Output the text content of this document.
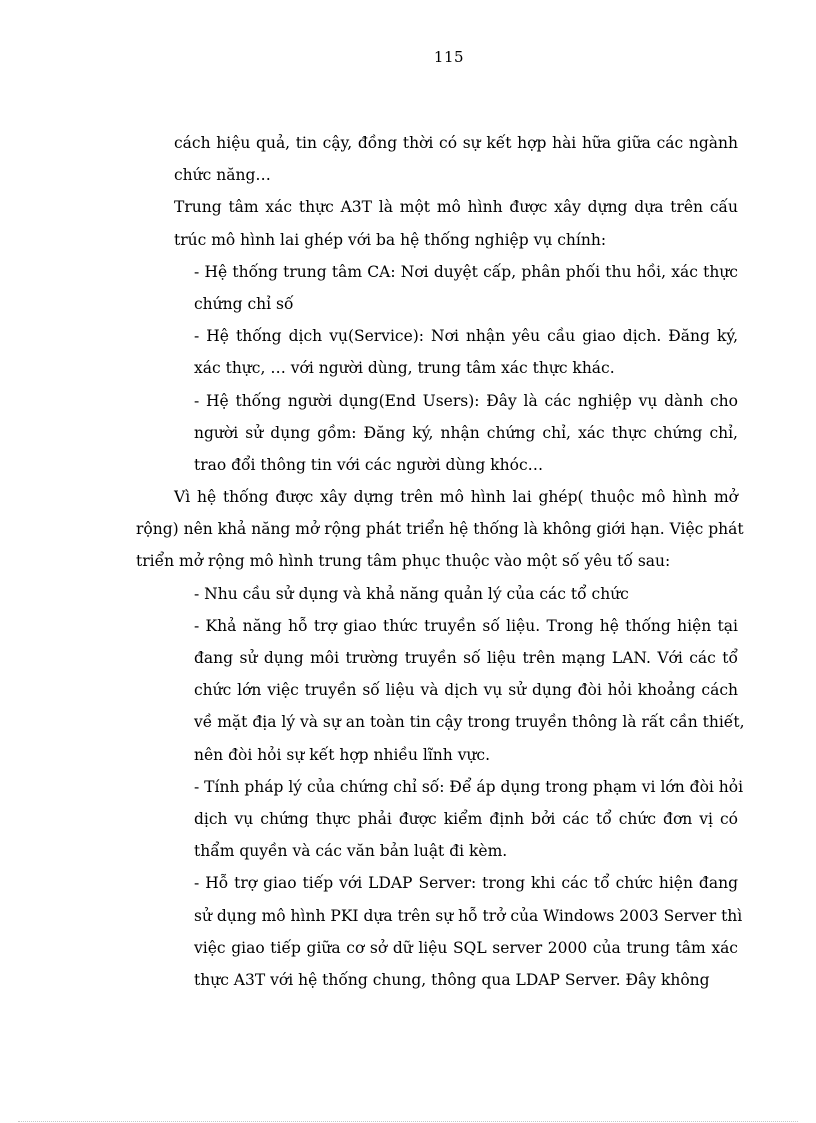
115
cách hiệu quả, tin cậy, đồng thời có sự kết hợp hài hữa giữa các ngành
chức năng…
Trung tâm xác thực A3T là một mô hình được xây dựng dựa trên cấu
trúc mô hình lai ghép với ba hệ thống nghiệp vụ chính:
- Hệ thống trung tâm CA: Nơi duyệt cấp, phân phối thu hồi, xác thực
chứng chỉ số
- Hệ thống dịch vụ(Service): Nơi nhận yêu cầu giao dịch. Đăng ký,
xác thực, … với người dùng, trung tâm xác thực khác.
- Hệ thống người dụng(End Users): Đây là các nghiệp vụ dành cho
người sử dụng gồm: Đăng ký, nhận chứng chỉ, xác thực chứng chỉ,
trao đổi thông tin với các người dùng khóc…
Vì hệ thống được xây dựng trên mô hình lai ghép( thuộc mô hình mở
rộng) nên khả năng mở rộng phát triển hệ thống là không giới hạn. Việc phát
triển mở rộng mô hình trung tâm phục thuộc vào một số yêu tố sau:
- Nhu cầu sử dụng và khả năng quản lý của các tổ chức
- Khả năng hỗ trợ giao thức truyền số liệu. Trong hệ thống hiện tại
đang sử dụng môi trường truyền số liệu trên mạng LAN. Với các tổ
chức lớn việc truyền số liệu và dịch vụ sử dụng đòi hỏi khoảng cách
về mặt địa lý và sự an toàn tin cậy trong truyền thông là rất cần thiết,
nên đòi hỏi sự kết hợp nhiều lĩnh vực.
- Tính pháp lý của chứng chỉ số: Để áp dụng trong phạm vi lớn đòi hỏi
dịch vụ chứng thực phải được kiểm định bởi các tổ chức đơn vị có
thẩm quyền và các văn bản luật đi kèm.
- Hỗ trợ giao tiếp với LDAP Server: trong khi các tổ chức hiện đang
sử dụng mô hình PKI dựa trên sự hỗ trở của Windows 2003 Server thì
việc giao tiếp giữa cơ sở dữ liệu SQL server 2000 của trung tâm xác
thực A3T với hệ thống chung, thông qua LDAP Server. Đây không
